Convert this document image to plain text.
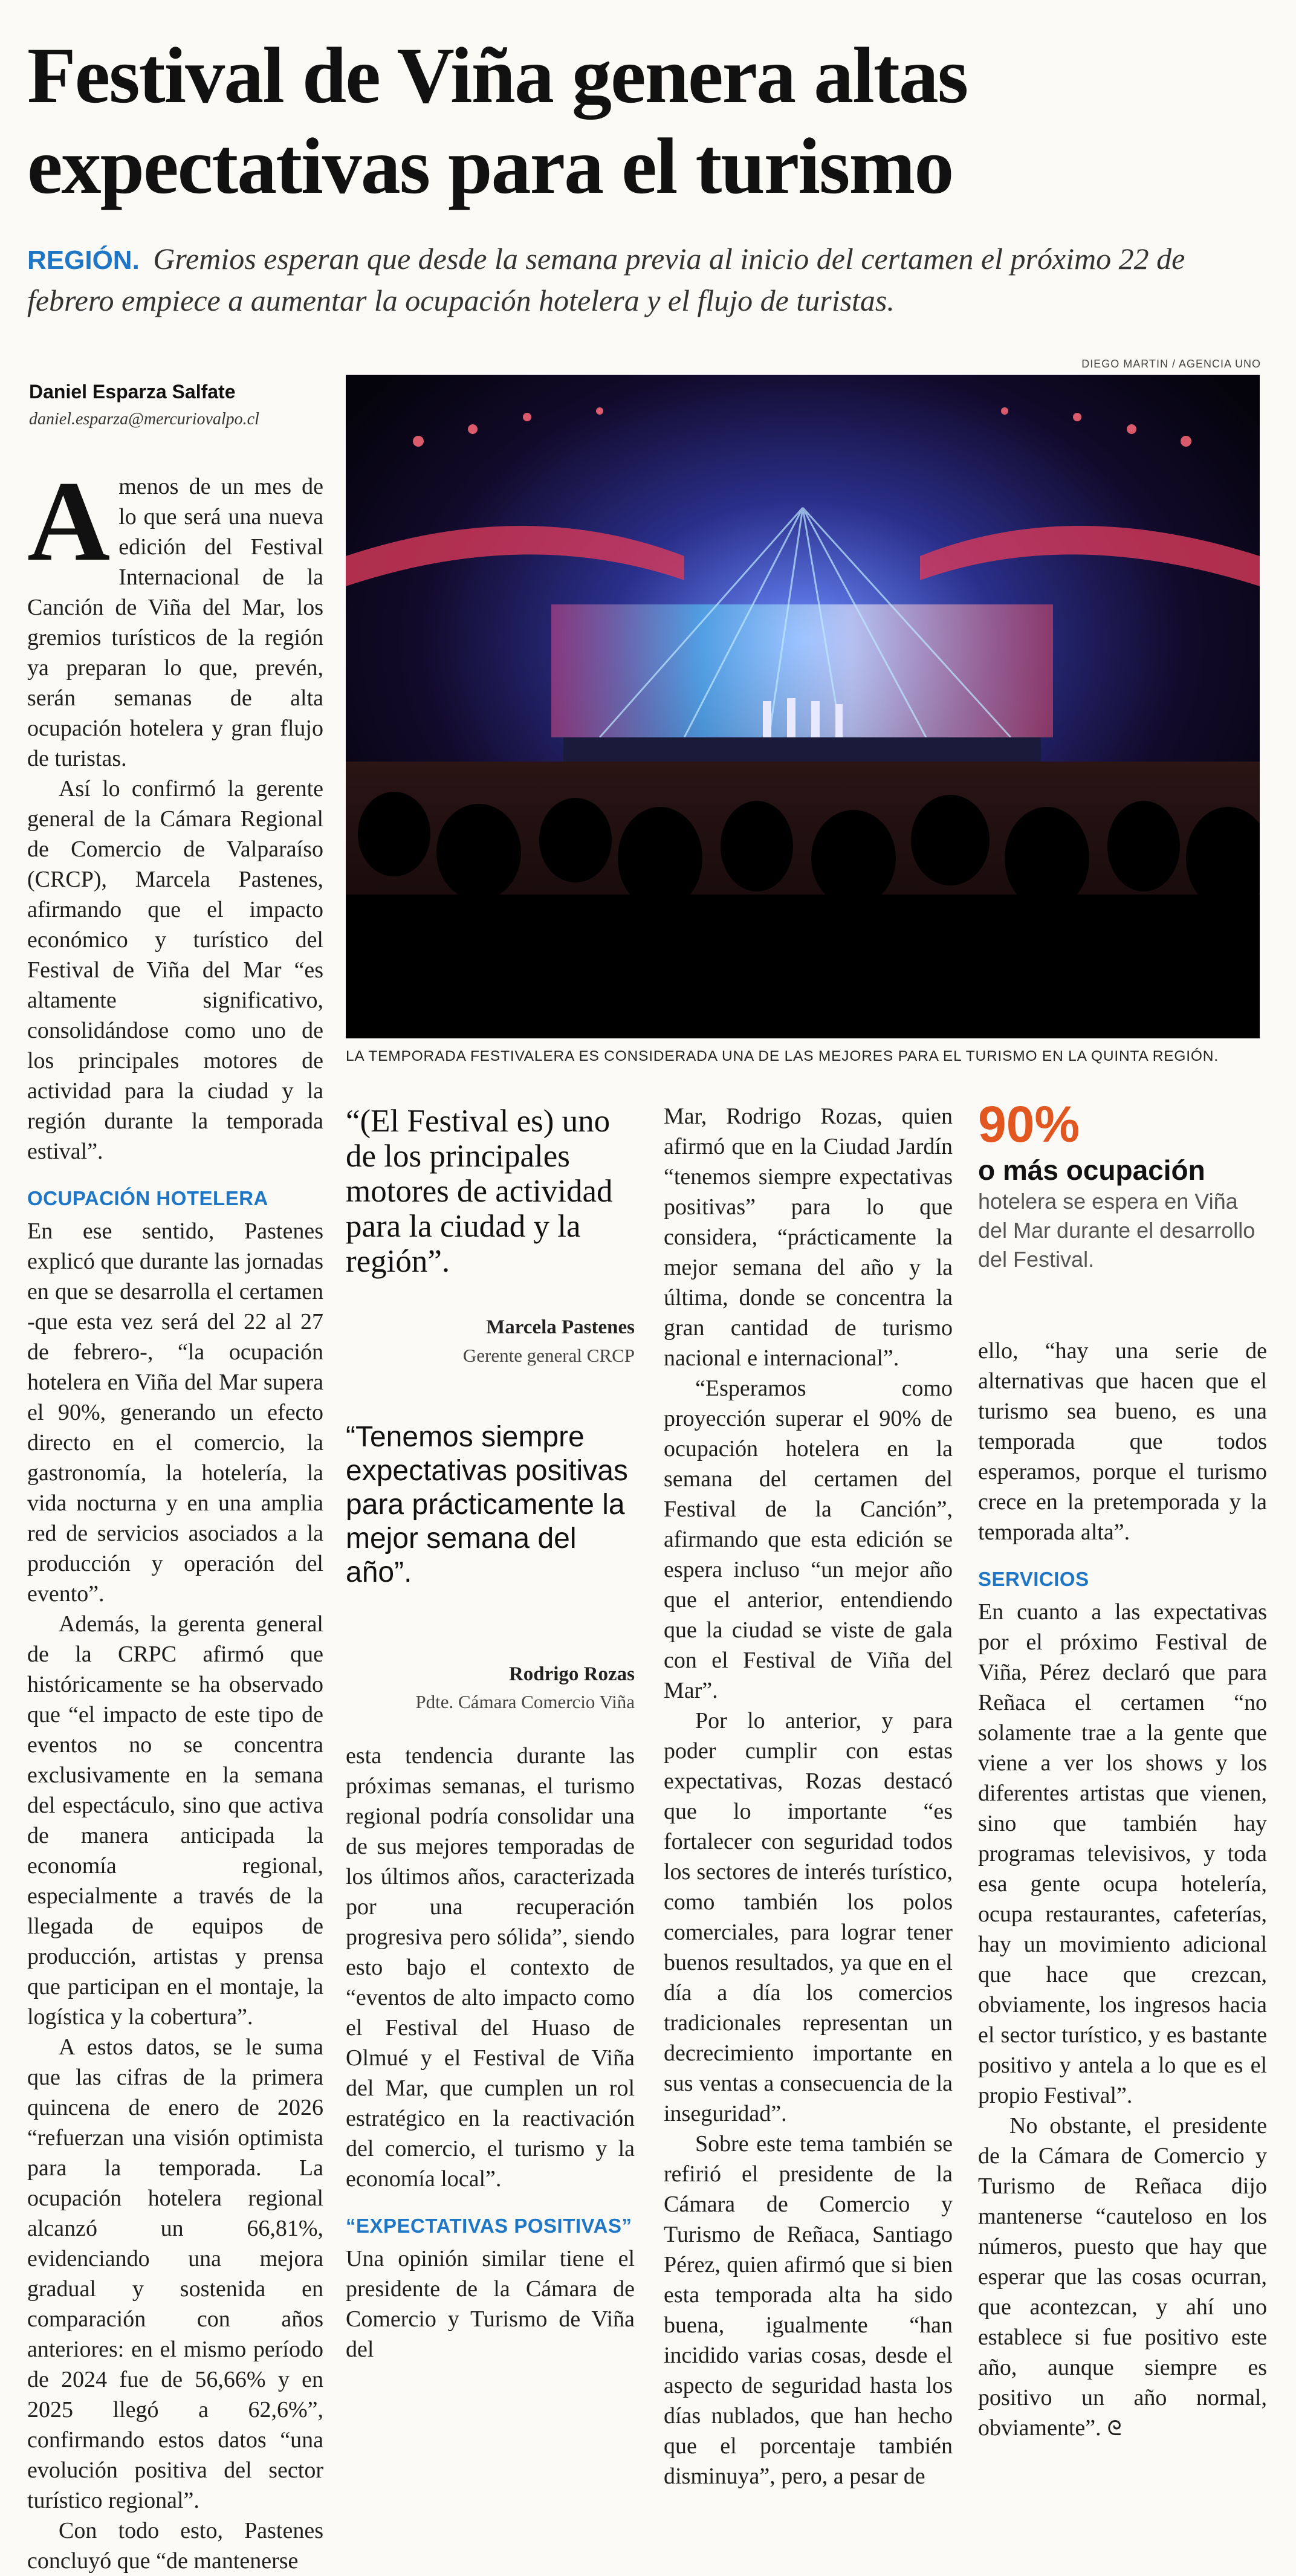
Festival de Viña genera altas
expectativas para el turismo
REGIÓN. Gremios esperan que desde la semana previa al inicio del certamen el próximo 22 de febrero empiece a aumentar la ocupación hotelera y el flujo de turistas.
Daniel Esparza Salfate
daniel.esparza@mercuriovalpo.cl
DIEGO MARTIN / AGENCIA UNO
LA TEMPORADA FESTIVALERA ES CONSIDERADA UNA DE LAS MEJORES PARA EL TURISMO EN LA QUINTA REGIÓN.

Amenos de un mes de lo que será una nueva edición del Festival Internacional de la Canción de Viña del Mar, los gremios turísticos de la región ya preparan lo que, prevén, serán semanas de alta ocupación hotelera y gran flujo de turistas.

Así lo confirmó la gerente general de la Cámara Regional de Comercio de Valparaíso (CRCP), Marcela Pastenes, afirmando que el impacto económico y turístico del Festival de Viña del Mar “es altamente significativo, consolidándose como uno de los principales motores de actividad para la ciudad y la región durante la temporada estival”.

OCUPACIÓN HOTELERA

En ese sentido, Pastenes explicó que durante las jornadas en que se desarrolla el certamen -que esta vez será del 22 al 27 de febrero-, “la ocupación hotelera en Viña del Mar supera el 90%, generando un efecto directo en el comercio, la gastronomía, la hotelería, la vida nocturna y en una amplia red de servicios asociados a la producción y operación del evento”.

Además, la gerenta general de la CRPC afirmó que históricamente se ha observado que “el impacto de este tipo de eventos no se concentra exclusivamente en la semana del espectáculo, sino que activa de manera anticipada la economía regional, especialmente a través de la llegada de equipos de producción, artistas y prensa que participan en el montaje, la logística y la cobertura”.

A estos datos, se le suma que las cifras de la primera quincena de enero de 2026 “refuerzan una visión optimista para la temporada. La ocupación hotelera regional alcanzó un 66,81%, evidenciando una mejora gradual y sostenida en comparación con años anteriores: en el mismo período de 2024 fue de 56,66% y en 2025 llegó a 62,6%”, confirmando estos datos “una evolución positiva del sector turístico regional”.

Con todo esto, Pastenes concluyó que “de mantenerse

“(El Festival es) uno de los principales motores de actividad para la ciudad y la región”.
Marcela Pastenes
Gerente general CRCP
“Tenemos siempre expectativas positivas para prácticamente la mejor semana del año”.
Rodrigo Rozas
Pdte. Cámara Comercio Viña

esta tendencia durante las próximas semanas, el turismo regional podría consolidar una de sus mejores temporadas de los últimos años, caracterizada por una recuperación progresiva pero sólida”, siendo esto bajo el contexto de “eventos de alto impacto como el Festival del Huaso de Olmué y el Festival de Viña del Mar, que cumplen un rol estratégico en la reactivación del comercio, el turismo y la economía local”.

“EXPECTATIVAS POSITIVAS”

Una opinión similar tiene el presidente de la Cámara de Comercio y Turismo de Viña del

Mar, Rodrigo Rozas, quien afirmó que en la Ciudad Jardín “tenemos siempre expectativas positivas” para lo que considera, “prácticamente la mejor semana del año y la última, donde se concentra la gran cantidad de turismo nacional e internacional”.

“Esperamos como proyección superar el 90% de ocupación hotelera en la semana del certamen del Festival de la Canción”, afirmando que esta edición se espera incluso “un mejor año que el anterior, entendiendo que la ciudad se viste de gala con el Festival de Viña del Mar”.

Por lo anterior, y para poder cumplir con estas expectativas, Rozas destacó que lo importante “es fortalecer con seguridad todos los sectores de interés turístico, como también los polos comerciales, para lograr tener buenos resultados, ya que en el día a día los comercios tradicionales representan un decrecimiento importante en sus ventas a consecuencia de la inseguridad”.

Sobre este tema también se refirió el presidente de la Cámara de Comercio y Turismo de Reñaca, Santiago Pérez, quien afirmó que si bien esta temporada alta ha sido buena, igualmente “han incidido varias cosas, desde el aspecto de seguridad hasta los días nublados, que han hecho que el porcentaje también disminuya”, pero, a pesar de

90%
o más ocupación hotelera se espera en Viña del Mar durante el desarrollo del Festival.

ello, “hay una serie de alternativas que hacen que el turismo sea bueno, es una temporada que todos esperamos, porque el turismo crece en la pretemporada y la temporada alta”.

SERVICIOS

En cuanto a las expectativas por el próximo Festival de Viña, Pérez declaró que para Reñaca el certamen “no solamente trae a la gente que viene a ver los shows y los diferentes artistas que vienen, sino que también hay programas televisivos, y toda esa gente ocupa hotelería, ocupa restaurantes, cafeterías, hay un movimiento adicional que hace que crezcan, obviamente, los ingresos hacia el sector turístico, y es bastante positivo y antela a lo que es el propio Festival”.

No obstante, el presidente de la Cámara de Comercio y Turismo de Reñaca dijo mantenerse “cauteloso en los números, puesto que hay que esperar que las cosas ocurran, que acontezcan, y ahí uno establece si fue positivo este año, aunque siempre es positivo un año normal, obviamente”. ᘓ
